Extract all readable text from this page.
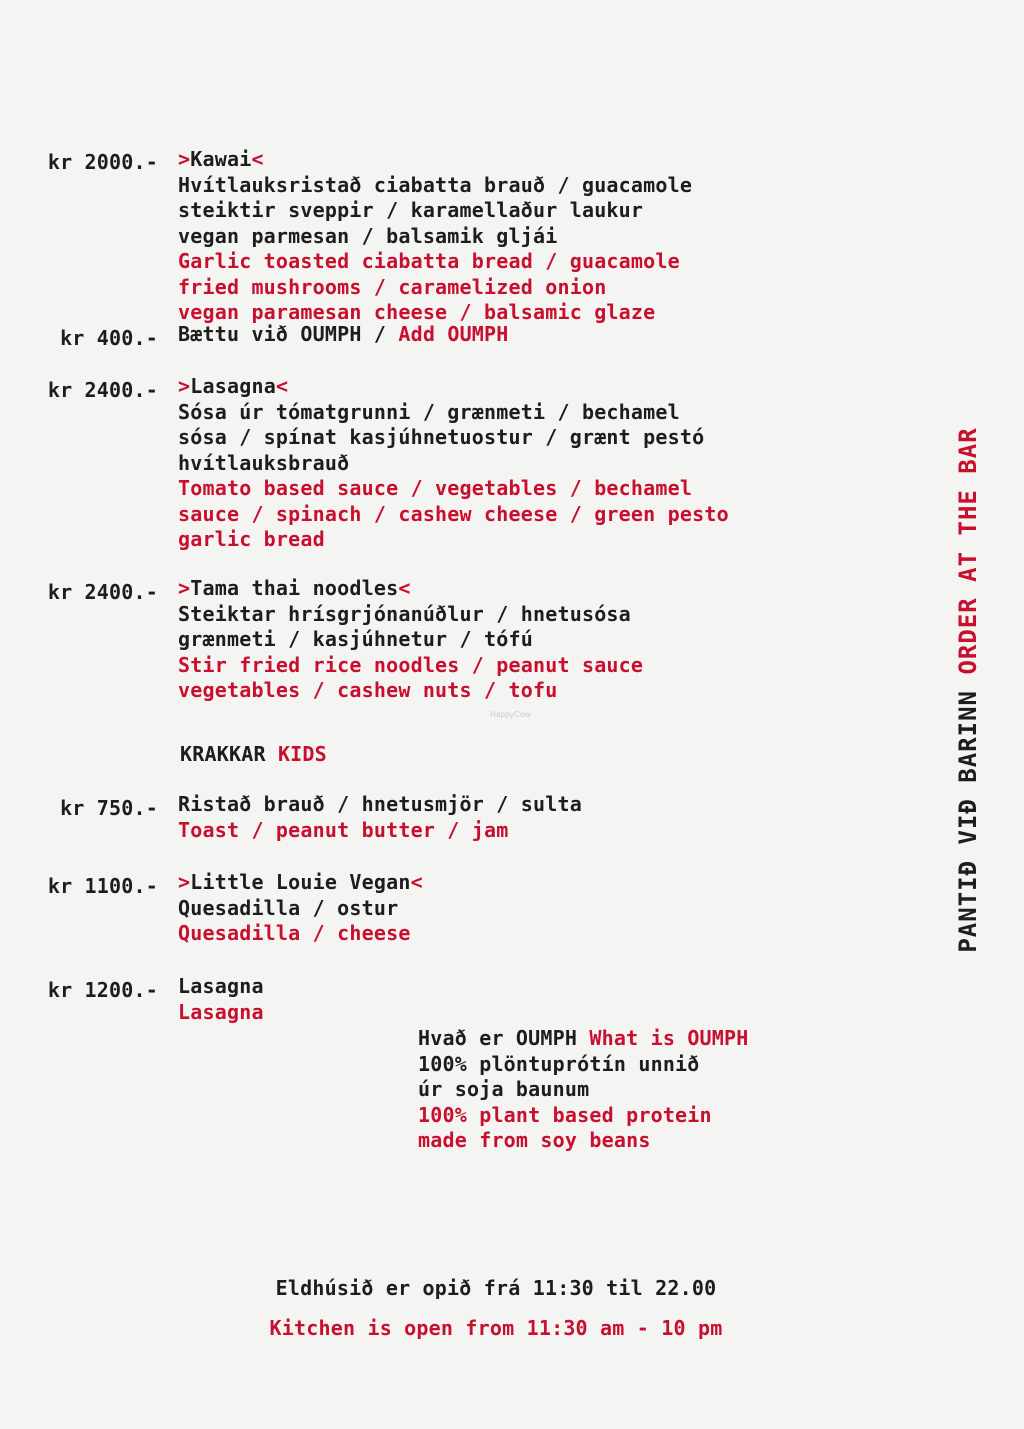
kr 2000.- >Kawai<
Hvítlauksristað ciabatta brauð / guacamole
steiktir sveppir / karamellaður laukur
vegan parmesan / balsamik gljái
Garlic toasted ciabatta bread / guacamole
fried mushrooms / caramelized onion
vegan paramesan cheese / balsamic glaze
kr 400.- Bættu við OUMPH / Add OUMPH
kr 2400.- >Lasagna<
Sósa úr tómatgrunni / grænmeti / bechamel
sósa / spínat kasjúhnetuostur / grænt pestó
hvítlauksbrauð
Tomato based sauce / vegetables / bechamel
sauce / spinach / cashew cheese / green pesto
garlic bread
kr 2400.- >Tama thai noodles<
Steiktar hrísgrjónanúðlur / hnetusósa
grænmeti / kasjúhnetur / tófú
Stir fried rice noodles / peanut sauce
vegetables / cashew nuts / tofu
HappyCow
KRAKKAR KIDS
kr 750.- Ristað brauð / hnetusmjör / sulta
Toast / peanut butter / jam
kr 1100.- >Little Louie Vegan<
Quesadilla / ostur
Quesadilla / cheese
kr 1200.- Lasagna
Lasagna
Hvað er OUMPH What is OUMPH
100% plöntuprótín unnið
úr soja baunum
100% plant based protein
made from soy beans
Eldhúsið er opið frá 11:30 til 22.00
Kitchen is open from 11:30 am - 10 pm
PANTIÐ VIÐ BARINN ORDER AT THE BAR
